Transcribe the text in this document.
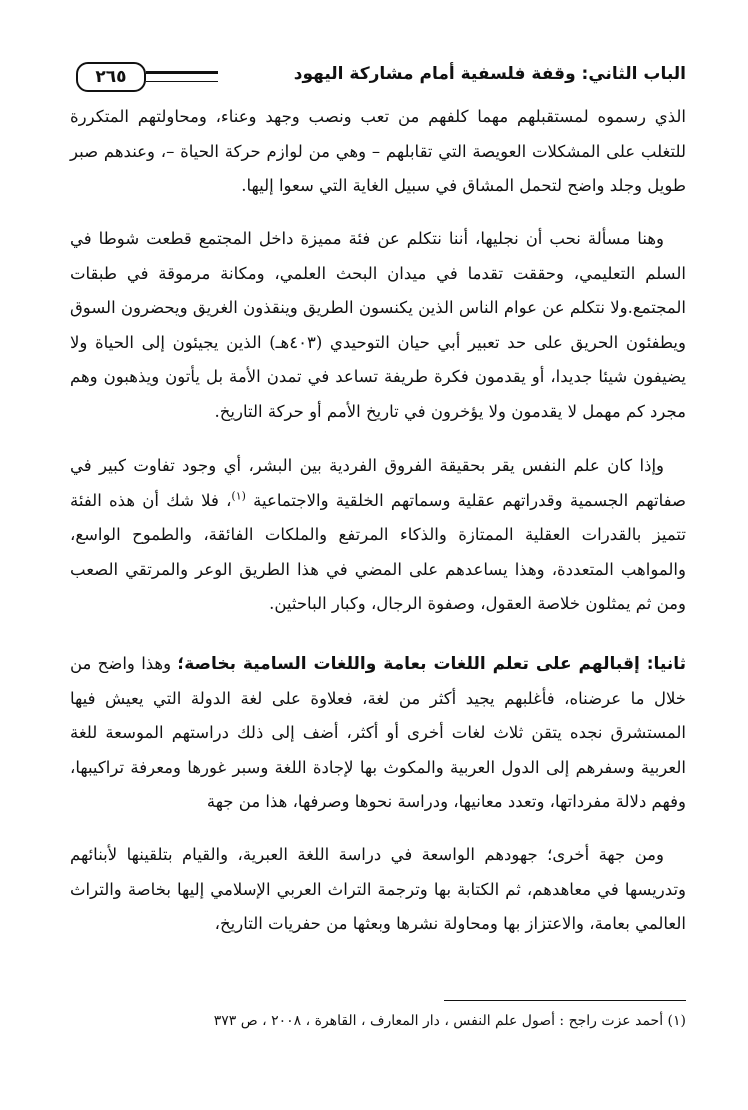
الباب الثاني: وقفة فلسفية أمام مشاركة اليهود
٢٦٥
الذي رسموه لمستقبلهم مهما كلفهم من تعب ونصب وجهد وعناء، ومحاولتهم المتكررة للتغلب على المشكلات العويصة التي تقابلهم – وهي من لوازم حركة الحياة –، وعندهم صبر طويل وجلد واضح لتحمل المشاق في سبيل الغاية التي سعوا إليها.
وهنا مسألة نحب أن نجليها، أننا نتكلم عن فئة مميزة داخل المجتمع قطعت شوطا في السلم التعليمي، وحققت تقدما في ميدان البحث العلمي، ومكانة مرموقة في طبقات المجتمع.ولا نتكلم عن عوام الناس الذين يكنسون الطريق وينقذون الغريق ويحضرون السوق ويطفئون الحريق على حد تعبير أبي حيان التوحيدي (٤٠٣هـ) الذين يجيئون إلى الحياة ولا يضيفون شيئا جديدا، أو يقدمون فكرة طريفة تساعد في تمدن الأمة بل يأتون ويذهبون وهم مجرد كم مهمل لا يقدمون ولا يؤخرون في تاريخ الأمم أو حركة التاريخ.
وإذا كان علم النفس يقر بحقيقة الفروق الفردية بين البشر، أي وجود تفاوت كبير في صفاتهم الجسمية وقدراتهم عقلية وسماتهم الخلقية والاجتماعية $^{(١)}$، فلا شك أن هذه الفئة تتميز بالقدرات العقلية الممتازة والذكاء المرتفع والملكات الفائقة، والطموح الواسع، والمواهب المتعددة، وهذا يساعدهم على المضي في هذا الطريق الوعر والمرتقي الصعب ومن ثم يمثلون خلاصة العقول، وصفوة الرجال، وكبار الباحثين.
ثانيا: إقبالهم على تعلم اللغات بعامة واللغات السامية بخاصة؛ وهذا واضح من خلال ما عرضناه، فأغلبهم يجيد أكثر من لغة، فعلاوة على لغة الدولة التي يعيش فيها المستشرق نجده يتقن ثلاث لغات أخرى أو أكثر، أضف إلى ذلك دراستهم الموسعة للغة العربية وسفرهم إلى الدول العربية والمكوث بها لإجادة اللغة وسبر غورها ومعرفة تراكيبها، وفهم دلالة مفرداتها، وتعدد معانيها، ودراسة نحوها وصرفها، هذا من جهة
ومن جهة أخرى؛ جهودهم الواسعة في دراسة اللغة العبرية، والقيام بتلقينها لأبنائهم وتدريسها في معاهدهم، ثم الكتابة بها وترجمة التراث العربي الإسلامي إليها بخاصة والتراث العالمي بعامة، والاعتزاز بها ومحاولة نشرها وبعثها من حفريات التاريخ،
(١) أحمد عزت راجح : أصول علم النفس ، دار المعارف ، القاهرة ، ٢٠٠٨ ، ص ٣٧٣
